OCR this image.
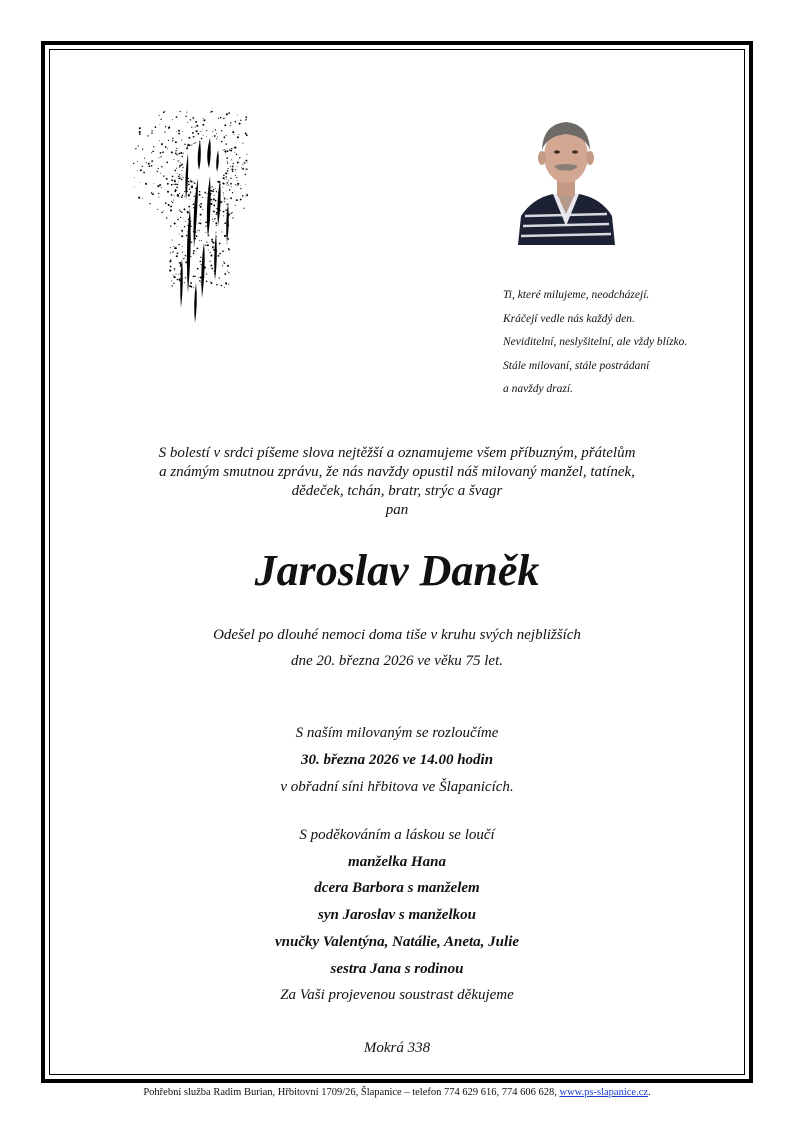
Ti, které milujeme, neodcházejí.
Kráčejí vedle nás každý den.
Neviditelní, neslyšitelní, ale vždy blízko.
Stále milovaní, stále postrádaní
a navždy drazí.
S bolestí v srdci píšeme slova nejtěžší a oznamujeme všem příbuzným, přátelům
a známým smutnou zprávu, že nás navždy opustil náš milovaný manžel, tatínek,
dědeček, tchán, bratr, strýc a švagr
pan
Jaroslav Daněk
Odešel po dlouhé nemoci doma tiše v kruhu svých nejbližších
dne 20. března 2026 ve věku 75 let.
S naším milovaným se rozloučíme
30. března 2026 ve 14.00 hodin
v obřadní síni hřbitova ve Šlapanicích.
S poděkováním a láskou se loučí
manželka Hana
dcera Barbora s manželem
syn Jaroslav s manželkou
vnučky Valentýna, Natálie, Aneta, Julie
sestra Jana s rodinou
Za Vaši projevenou soustrast děkujeme
Mokrá 338
Pohřební služba Radim Burian, Hřbitovní 1709/26, Šlapanice – telefon 774 629 616, 774 606 628, www.ps-slapanice.cz.
